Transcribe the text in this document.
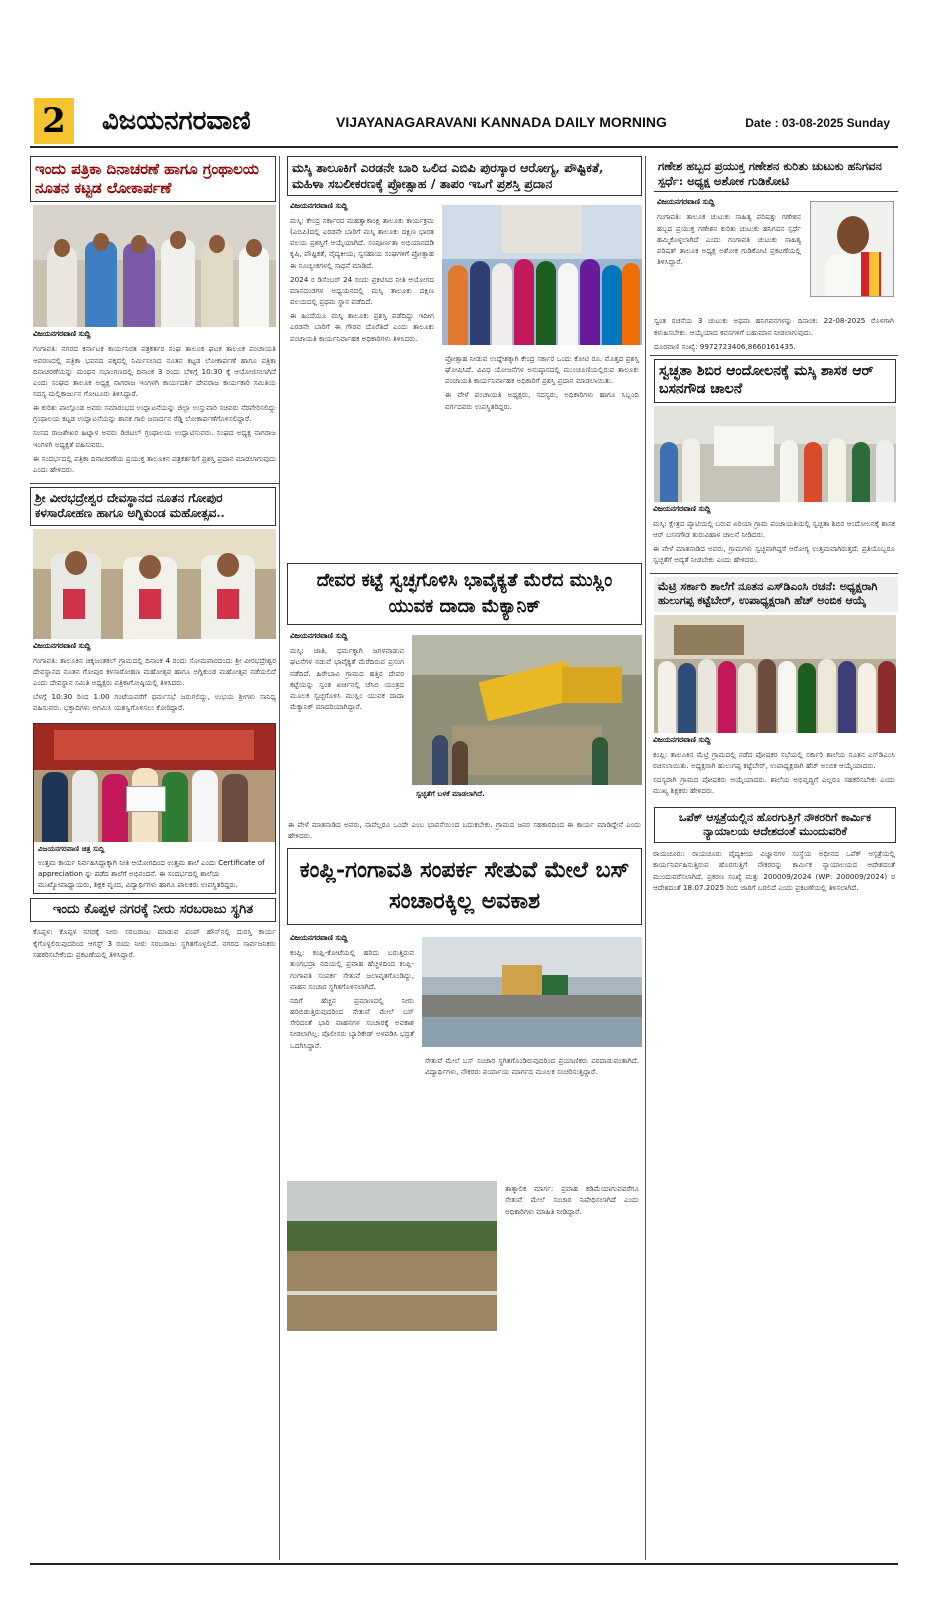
2	ವಿಜಯನಗರವಾಣಿ	VIJAYANAGARAVANI KANNADA DAILY MORNING	Date : 03-08-2025 Sunday
ಇಂದು ಪತ್ರಿಕಾ ದಿನಾಚರಣೆ ಹಾಗೂ ಗ್ರಂಥಾಲಯ ನೂತನ ಕಟ್ಟಡ ಲೋಕಾರ್ಪಣೆ
ವಿಜಯನಗರವಾಣಿ ಸುದ್ದಿ

ಗಂಗಾವತಿ: ನಗರದ ಕರ್ನಾಟಕ ಕಾರ್ಯನಿರತ ಪತ್ರಕರ್ತರ ಸಂಘ ತಾಲೂಕ ಘಟಕ ತಾಲೂಕ ಪಂಚಾಯತಿ ಆವರಣದಲ್ಲಿ ಪತ್ರಿಕಾ ಭವನದ ಪಕ್ಕದಲ್ಲಿ ನಿರ್ಮಿಸಲಾದ ನೂತನ ಕಟ್ಟಡ ಲೋಕಾರ್ಪಣೆ ಹಾಗೂ ಪತ್ರಿಕಾ ದಿನಾಚರಣೆಯನ್ನು ಮಂಥನ ಸಭಾಂಗಣದಲ್ಲಿ ದಿನಾಂಕ 3 ರಂದು ಬೆಳಿಗ್ಗೆ 10:30 ಕ್ಕೆ ಆಯೋಜಿಸಲಾಗಿದೆ ಎಂದು ಸಂಘದ ತಾಲೂಕ ಅಧ್ಯಕ್ಷ ನಾಗರಾಜ ಇಂಗಳಗಿ ಕಾರ್ಯದರ್ಶಿ ದೇವರಾಜ ಕಾರ್ಯಕಾರಿ ಸಮಿತಿಯ ಸದಸ್ಯ ಮಲ್ಲಿಕಾರ್ಜುನ ಗೋಟೂರು ತಿಳಿಸಿದ್ದಾರೆ.

ಈ ಕುರಿತು ಪಾಲ್ಗೊಂಡ ಅವರು ಸಮಾರಂಭದ ಉದ್ಘಾಟನೆಯನ್ನು ಜಿಲ್ಲಾ ಉಸ್ತುವಾರಿ ಸಚಿವರು ನೆರವೇರಿಸಲಿದ್ದು ಗ್ರಂಥಾಲಯ ಕಟ್ಟಡ ಉದ್ಘಾಟನೆಯನ್ನು ಶಾಸಕ ಗಾಲಿ ಜನಾರ್ದನ ರೆಡ್ಡಿ ಲೋಕಾರ್ಪಣೆಗೊಳಿಸಲಿದ್ದಾರೆ.

ಸಂಸದ ರಾಜಶೇಖರ ಹಿಟ್ನಾಳ ಅವರು ಡಿಜಿಟಲ್ ಗ್ರಂಥಾಲಯ ಉದ್ಘಾಟಿಸುವರು. ಸಂಘದ ಅಧ್ಯಕ್ಷ ನಾಗರಾಜ ಇಂಗಳಗಿ ಅಧ್ಯಕ್ಷತೆ ವಹಿಸುವರು.

ಈ ಸಂದರ್ಭದಲ್ಲಿ ಪತ್ರಿಕಾ ದಿನಾಚರಣೆಯ ಪ್ರಯುಕ್ತ ತಾಲೂಕಿನ ಪತ್ರಕರ್ತರಿಗೆ ಪ್ರಶಸ್ತಿ ಪ್ರದಾನ ಮಾಡಲಾಗುವುದು ಎಂದು ಹೇಳಿದರು.

ಶ್ರೀ ವೀರಭದ್ರೇಶ್ವರ ದೇವಸ್ಥಾನದ ನೂತನ ಗೋಪುರ ಕಳಸಾರೋಹಣ ಹಾಗೂ ಅಗ್ನಿಕುಂಡ ಮಹೋತ್ಸವ..
ವಿಜಯನಗರವಾಣಿ ಸುದ್ದಿ

ಗಂಗಾವತಿ: ತಾಲೂಕಿನ ಚಿಕ್ಕಜಂತಕಲ್ ಗ್ರಾಮದಲ್ಲಿ ದಿನಾಂಕ 4 ರಂದು ಸೋಮವಾರದಂದು ಶ್ರೀ ವೀರಭದ್ರೇಶ್ವರ ದೇವಸ್ಥಾನದ ನೂತನ ಗೋಪುರ ಕಳಸಾರೋಹಣ ಮಹೋತ್ಸವ ಹಾಗೂ ಅಗ್ನಿಕುಂಡ ಮಹೋತ್ಸವ ನಡೆಯಲಿದೆ ಎಂದು ದೇವಸ್ಥಾನ ಸಮಿತಿ ಅಧ್ಯಕ್ಷರು ಪತ್ರಿಕಾಗೋಷ್ಠಿಯಲ್ಲಿ ತಿಳಿಸಿದರು.

ಬೆಳಗ್ಗೆ 10:30 ರಿಂದ 1:00 ಗಂಟೆಯವರೆಗೆ ಧರ್ಮಸಭೆ ಜರುಗಲಿದ್ದು, ಉಭಯ ಶ್ರೀಗಳು ಸಾನಿಧ್ಯ ವಹಿಸುವರು. ಭಕ್ತಾದಿಗಳು ಆಗಮಿಸಿ ಯಶಸ್ವಿಗೊಳಿಸಲು ಕೋರಿದ್ದಾರೆ.

ವಿಜಯನಗರವಾಣಿ ಚಿತ್ರ ಸುದ್ದಿ
ಉತ್ತಮ ಕಾರ್ಯ ನಿರ್ವಹಿಸಿದ್ದಾಕ್ಕಾಗಿ ನೀತಿ ಆಯೋಗದಿಂದ ಉತ್ತಮ ಶಾಲೆ ಎಂದು Certificate of appreciation ನ್ನು ಪಡೆದ ಶಾಲೆಗೆ ಅಭಿನಂದನೆ. ಈ ಸಂದರ್ಭದಲ್ಲಿ ಶಾಲೆಯ ಮುಖ್ಯೋಪಾಧ್ಯಾಯರು, ಶಿಕ್ಷಕ ವೃಂದ, ವಿದ್ಯಾರ್ಥಿಗಳು ಹಾಗೂ ಪಾಲಕರು ಉಪಸ್ಥಿತರಿದ್ದರು.
ಇಂದು ಕೊಪ್ಪಳ ನಗರಕ್ಕೆ ನೀರು ಸರಬರಾಜು ಸ್ಥಗಿತ

ಕೊಪ್ಪಳ: ಕೊಪ್ಪಳ ನಗರಕ್ಕೆ ನೀರು ಸರಬರಾಜು ಮಾಡುವ ಪಂಪ್ ಹೌಸ್‌ನಲ್ಲಿ ದುರಸ್ತಿ ಕಾರ್ಯ ಕೈಗೊಳ್ಳಲಿರುವುದರಿಂದ ಆಗಸ್ಟ್ 3 ರಂದು ನೀರು ಸರಬರಾಜು ಸ್ಥಗಿತಗೊಳ್ಳಲಿದೆ. ನಗರದ ಸಾರ್ವಜನಿಕರು ಸಹಕರಿಸಬೇಕೆಂದು ಪ್ರಕಟಣೆಯಲ್ಲಿ ತಿಳಿಸಿದ್ದಾರೆ.

ಮಸ್ಕಿ ತಾಲೂಕಿಗೆ ಎರಡನೇ ಬಾರಿ ಒಲಿದ ಎಬಿಪಿ ಪುರಸ್ಕಾರ ಆರೋಗ್ಯ, ಪೌಷ್ಟಿಕತೆ, ಮಹಿಳಾ ಸಬಲೀಕರಣಕ್ಕೆ ಪ್ರೋತ್ಸಾಹ / ತಾಪಂ ಇಒಗೆ ಪ್ರಶಸ್ತಿ ಪ್ರದಾನ
ವಿಜಯನಗರವಾಣಿ ಸುದ್ದಿ

ಮಸ್ಕಿ: ಕೇಂದ್ರ ಸರ್ಕಾರದ ಮಹತ್ವಾಕಾಂಕ್ಷಿ ತಾಲೂಕು ಕಾರ್ಯಕ್ರಮ (ಎಬಿಪಿ)ದಲ್ಲಿ ಎರಡನೇ ಬಾರಿಗೆ ಮಸ್ಕಿ ತಾಲೂಕು ದಕ್ಷಿಣ ಭಾರತ ವಲಯ ಪ್ರಶಸ್ತಿಗೆ ಆಯ್ಕೆಯಾಗಿದೆ. ಸಂಪೂರ್ಣತಾ ಅಭಿಯಾನದಡಿ ಕೃಷಿ, ಪೌಷ್ಟಿಕತೆ, ವೈದ್ಯಕೀಯ, ಸ್ವಸಹಾಯ ಸಂಘಗಳಿಗೆ ಪ್ರೋತ್ಸಾಹ ಈ ಸೂಚ್ಯಂಕಗಳಲ್ಲಿ ಸಾಧನೆ ಮಾಡಿದೆ.

2024 ರ ಡಿಸೆಂಬರ್ 24 ರಂದು ಪ್ರಕಟಿಸಿದ ನೀತಿ ಆಯೋಗದ ಮಾನದಂಡಗಳ ಅಧ್ಯಯನದಲ್ಲಿ ಮಸ್ಕಿ ತಾಲೂಕು ದಕ್ಷಿಣ ವಲಯದಲ್ಲಿ ಪ್ರಥಮ ಸ್ಥಾನ ಪಡೆದಿದೆ.

ಈ ಹಿಂದೆಯೂ ಮಸ್ಕಿ ತಾಲೂಕು ಪ್ರಶಸ್ತಿ ಪಡೆದಿದ್ದು ಇದೀಗ ಎರಡನೇ ಬಾರಿಗೆ ಈ ಗೌರವ ದೊರೆತಿದೆ ಎಂದು ತಾಲೂಕು ಪಂಚಾಯತಿ ಕಾರ್ಯನಿರ್ವಾಹಕ ಅಧಿಕಾರಿಗಳು ತಿಳಿಸಿದರು.

ಪ್ರೋತ್ಸಾಹ ನೀಡುವ ಉದ್ದೇಶಕ್ಕಾಗಿ ಕೇಂದ್ರ ಸರ್ಕಾರ ಒಂದು ಕೋಟಿ ರೂ. ಮೊತ್ತದ ಪ್ರಶಸ್ತಿ ಘೋಷಿಸಿದೆ. ವಿವಿಧ ಯೋಜನೆಗಳ ಅನುಷ್ಠಾನದಲ್ಲಿ ಮುಂಚೂಣಿಯಲ್ಲಿರುವ ತಾಲೂಕು ಪಂಚಾಯತಿ ಕಾರ್ಯನಿರ್ವಾಹಕ ಅಧಿಕಾರಿಗೆ ಪ್ರಶಸ್ತಿ ಪ್ರದಾನ ಮಾಡಲಾಯಿತು.

ಈ ವೇಳೆ ಪಂಚಾಯತಿ ಅಧ್ಯಕ್ಷರು, ಸದಸ್ಯರು, ಅಧಿಕಾರಿಗಳು ಹಾಗೂ ಸಿಬ್ಬಂದಿ ವರ್ಗದವರು ಉಪಸ್ಥಿತರಿದ್ದರು.

ದೇವರ ಕಟ್ಟೆ ಸ್ವಚ್ಛಗೊಳಿಸಿ ಭಾವೈಕ್ಯತೆ ಮೆರೆದ ಮುಸ್ಲಿಂ ಯುವಕ ದಾದಾ ಮೆಕ್ಯಾನಿಕ್
ವಿಜಯನಗರವಾಣಿ ಸುದ್ದಿ

ಮಸ್ಕಿ: ಜಾತಿ, ಧರ್ಮಕ್ಕಾಗಿ ಜಗಳವಾಡುವ ಘಟನೆಗಳ ನಡುವೆ ಭಾವೈಕ್ಯತೆ ಮೆರೆದಿರುವ ಪ್ರಸಂಗ ನಡೆದಿದೆ. ಹಿರೇಬಾವಿ ಗ್ರಾಮದ ಹತ್ತಿರ ದೇವರ ಕಟ್ಟೆಯನ್ನು ಸ್ವಂತ ಖರ್ಚಿನಲ್ಲಿ ಜೆಸಿಬಿ ಯಂತ್ರದ ಮೂಲಕ ಸ್ವಚ್ಛಗೊಳಿಸಿ ಮುಸ್ಲಿಂ ಯುವಕ ದಾದಾ ಮೆಕ್ಯಾನಿಕ್ ಮಾದರಿಯಾಗಿದ್ದಾರೆ.

ಸ್ವಚ್ಛತೆಗೆ ಬಳಕೆ ಮಾಡಲಾಗಿದೆ.

ಈ ವೇಳೆ ಮಾತನಾಡಿದ ಅವರು, ನಾವೆಲ್ಲರೂ ಒಂದೇ ಎಂಬ ಭಾವನೆಯಿಂದ ಬದುಕಬೇಕು. ಗ್ರಾಮದ ಜನರ ಸಹಕಾರದಿಂದ ಈ ಕಾರ್ಯ ಮಾಡಿದ್ದೇನೆ ಎಂದು ಹೇಳಿದರು.

ಕಂಪ್ಲಿ-ಗಂಗಾವತಿ ಸಂಪರ್ಕ ಸೇತುವೆ ಮೇಲೆ ಬಸ್ ಸಂಚಾರಕ್ಕಿಲ್ಲ ಅವಕಾಶ
ವಿಜಯನಗರವಾಣಿ ಸುದ್ದಿ

ಕಂಪ್ಲಿ: ಕಂಪ್ಲಿ-ಕೋಟೆಯಲ್ಲಿ ಹರಿದು ಬರುತ್ತಿರುವ ತುಂಗಭದ್ರಾ ನದಿಯಲ್ಲಿ ಪ್ರವಾಹ ಹೆಚ್ಚಳದಿಂದ ಕಂಪ್ಲಿ-ಗಂಗಾವತಿ ಸಂಪರ್ಕ ಸೇತುವೆ ಜಲಾವೃತಗೊಂಡಿದ್ದು, ವಾಹನ ಸಂಚಾರ ಸ್ಥಗಿತಗೊಳಿಸಲಾಗಿದೆ.

ನದಿಗೆ ಹೆಚ್ಚಿನ ಪ್ರಮಾಣದಲ್ಲಿ ನೀರು ಹರಿಬಿಡುತ್ತಿರುವುದರಿಂದ ಸೇತುವೆ ಮೇಲೆ ಬಸ್ ಸೇರಿದಂತೆ ಭಾರಿ ವಾಹನಗಳ ಸಂಚಾರಕ್ಕೆ ಅವಕಾಶ ನೀಡಲಾಗಿಲ್ಲ. ಪೊಲೀಸರು ಬ್ಯಾರಿಕೇಡ್ ಅಳವಡಿಸಿ ಭದ್ರತೆ ಒದಗಿಸಿದ್ದಾರೆ.

ಸೇತುವೆ ಮೇಲೆ ಬಸ್ ಸಂಚಾರ ಸ್ಥಗಿತಗೊಂಡಿರುವುದರಿಂದ ಪ್ರಯಾಣಿಕರು ಪರದಾಡುವಂತಾಗಿದೆ. ವಿದ್ಯಾರ್ಥಿಗಳು, ನೌಕರರು ಪರ್ಯಾಯ ಮಾರ್ಗದ ಮೂಲಕ ಸಂಚರಿಸುತ್ತಿದ್ದಾರೆ.

ತಾತ್ಕಾಲಿಕ ಮಾರ್ಗ: ಪ್ರವಾಹ ಕಡಿಮೆಯಾಗುವವರೆಗೂ ಸೇತುವೆ ಮೇಲೆ ಸಂಚಾರ ನಿಷೇಧಿಸಲಾಗಿದೆ ಎಂದು ಅಧಿಕಾರಿಗಳು ಮಾಹಿತಿ ನೀಡಿದ್ದಾರೆ.

ಗಣೇಶ ಹಬ್ಬದ ಪ್ರಯುಕ್ತ ಗಣೇಶನ ಕುರಿತು ಚುಟುಕು ಹನಿಗವನ ಸ್ಪರ್ಧೆ: ಅಧ್ಯಕ್ಷ ಅಶೋಕ ಗುಡಿಕೋಟಿ
ವಿಜಯನಗರವಾಣಿ ಸುದ್ದಿ

ಗಂಗಾವತಿ: ತಾಲೂಕ ಚುಟುಕು ಸಾಹಿತ್ಯ ಪರಿಷತ್ತು ಗಣೇಶನ ಹಬ್ಬದ ಪ್ರಯುಕ್ತ ಗಣೇಶನ ಕುರಿತು ಚುಟುಕು ಹನಿಗವನ ಸ್ಪರ್ಧೆ ಹಮ್ಮಿಕೊಳ್ಳಲಾಗಿದೆ ಎಂದು ಗಂಗಾವತಿ ಚುಟುಕು ಸಾಹಿತ್ಯ ಪರಿಷತ್ ತಾಲೂಕ ಅಧ್ಯಕ್ಷ ಅಶೋಕ ಗುಡಿಕೋಟಿ ಪ್ರಕಟಣೆಯಲ್ಲಿ ತಿಳಿಸಿದ್ದಾರೆ.

ಸ್ವಂತ ರಚನೆಯ 3 ಚುಟುಕು ಅಥವಾ ಹನಿಗವನಗಳನ್ನು ದಿನಾಂಕ: 22-08-2025 ರೊಳಗಾಗಿ ಕಳುಹಿಸಬೇಕು. ಆಯ್ಕೆಯಾದ ಕವನಗಳಿಗೆ ಬಹುಮಾನ ನೀಡಲಾಗುವುದು.

ದೂರವಾಣಿ ಸಂಖ್ಯೆ: 9972723406,8660161435.

ಸ್ವಚ್ಛತಾ ಶಿಬಿರ ಆಂದೋಲನಕ್ಕೆ ಮಸ್ಕಿ ಶಾಸಕ ಆರ್ ಬಸನಗೌಡ ಚಾಲನೆ
ವಿಜಯನಗರವಾಣಿ ಸುದ್ದಿ

ಮಸ್ಕಿ: ಕ್ಷೇತ್ರದ ಪ್ಯಾಟಿಯಲ್ಲಿ ಬರುವ ಏರಿಯಾ ಗ್ರಾಮ ಪಂಚಾಯತಿಯಲ್ಲಿ ಸ್ವಚ್ಛತಾ ಶಿಬಿರ ಆಂದೋಲನಕ್ಕೆ ಶಾಸಕ ಆರ್ ಬಸನಗೌಡ ತುರುವಿಹಾಳ ಚಾಲನೆ ನೀಡಿದರು.

ಈ ವೇಳೆ ಮಾತನಾಡಿದ ಅವರು, ಗ್ರಾಮಗಳು ಸ್ವಚ್ಛವಾಗಿದ್ದರೆ ಆರೋಗ್ಯ ಉತ್ತಮವಾಗಿರುತ್ತದೆ. ಪ್ರತಿಯೊಬ್ಬರೂ ಸ್ವಚ್ಛತೆಗೆ ಆದ್ಯತೆ ನೀಡಬೇಕು ಎಂದು ಹೇಳಿದರು.

ಮೆಟ್ರಿ ಸರ್ಕಾರಿ ಶಾಲೆಗೆ ನೂತನ ಎಸ್‌ಡಿಎಂಸಿ ರಚನೆ: ಅಧ್ಯಕ್ಷರಾಗಿ ಹುಲುಗಪ್ಪ ಕಟ್ಟೆಬೇರ್, ಉಪಾಧ್ಯಕ್ಷರಾಗಿ ಹೆಚ್ ಅಂಬಿಕ ಆಯ್ಕೆ
ವಿಜಯನಗರವಾಣಿ ಸುದ್ದಿ

ಕಂಪ್ಲಿ: ತಾಲೂಕಿನ ಮೆಟ್ರಿ ಗ್ರಾಮದಲ್ಲಿ ನಡೆದ ಪೋಷಕರ ಸಭೆಯಲ್ಲಿ ಸರ್ಕಾರಿ ಶಾಲೆಯ ನೂತನ ಎಸ್‌ಡಿಎಂಸಿ ರಚಿಸಲಾಯಿತು. ಅಧ್ಯಕ್ಷರಾಗಿ ಹುಲುಗಪ್ಪ ಕಟ್ಟೆಬೇರ್, ಉಪಾಧ್ಯಕ್ಷರಾಗಿ ಹೆಚ್ ಅಂಬಿಕ ಆಯ್ಕೆಯಾದರು.

ಸದಸ್ಯರಾಗಿ ಗ್ರಾಮದ ಪೋಷಕರು ಆಯ್ಕೆಯಾದರು. ಶಾಲೆಯ ಅಭಿವೃದ್ಧಿಗೆ ಎಲ್ಲರೂ ಸಹಕರಿಸಬೇಕು ಎಂದು ಮುಖ್ಯ ಶಿಕ್ಷಕರು ಹೇಳಿದರು.

ಒಪೆಕ್ ಆಸ್ಪತ್ರೆಯಲ್ಲಿನ ಹೊರಗುತ್ತಿಗೆ ನೌಕರರಿಗೆ ಕಾರ್ಮಿಕ ನ್ಯಾಯಾಲಯ ಆದೇಶದಂತೆ ಮುಂದುವರಿಕೆ

ರಾಯಚೂರು: ರಾಯಚೂರು ವೈದ್ಯಕೀಯ ವಿಜ್ಞಾನಗಳ ಸಂಸ್ಥೆಯ ಅಧೀನದ ಒಪೆಕ್ ಆಸ್ಪತ್ರೆಯಲ್ಲಿ ಕಾರ್ಯನಿರ್ವಹಿಸುತ್ತಿರುವ ಹೊರಗುತ್ತಿಗೆ ನೌಕರರನ್ನು ಕಾರ್ಮಿಕ ನ್ಯಾಯಾಲಯದ ಆದೇಶದಂತೆ ಮುಂದುವರೆಸಲಾಗಿದೆ. ಪ್ರಕರಣ ಸಂಖ್ಯೆ ಮತ್ತು 200009/2024 (WP: 200009/2024) ರ ಆದೇಶದಂತೆ 18.07.2025 ರಿಂದ ಜಾರಿಗೆ ಬರಲಿದೆ ಎಂದು ಪ್ರಕಟಣೆಯಲ್ಲಿ ತಿಳಿಸಲಾಗಿದೆ.
